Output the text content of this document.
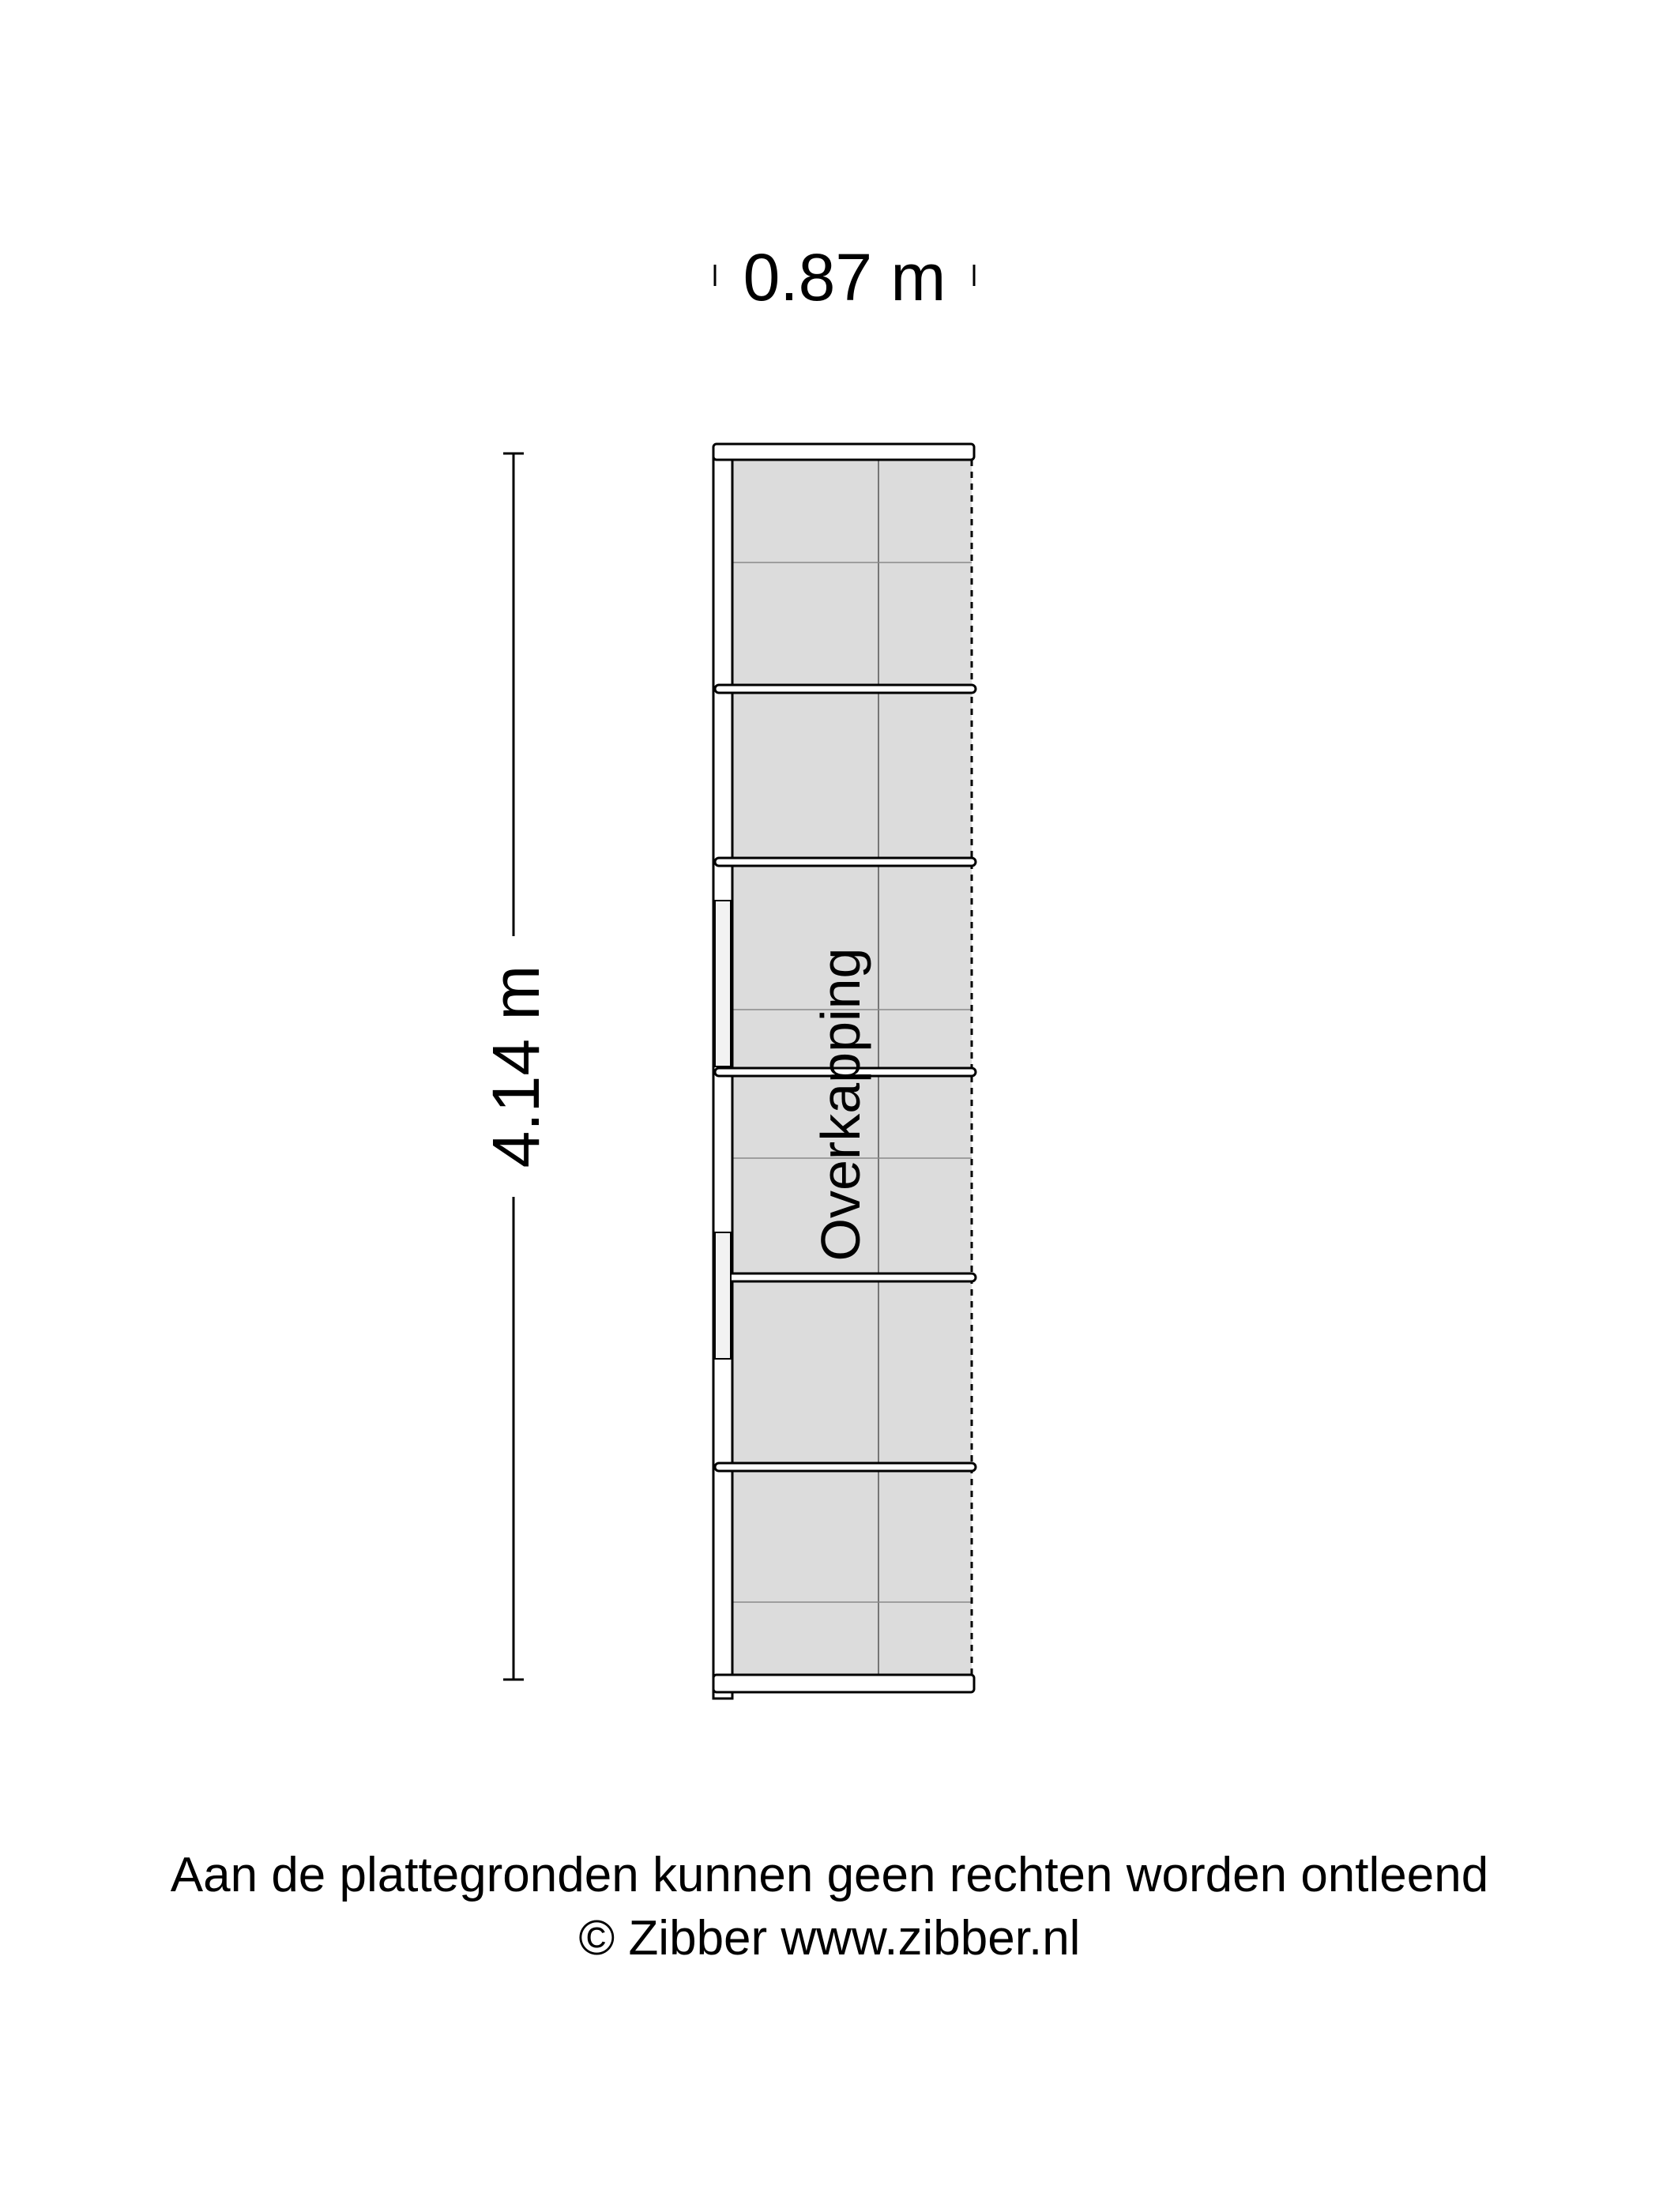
0.87 m
4.14 m	Overkapping
Aan de plattegronden kunnen geen rechten worden ontleend
© Zibber www.zibber.nl
